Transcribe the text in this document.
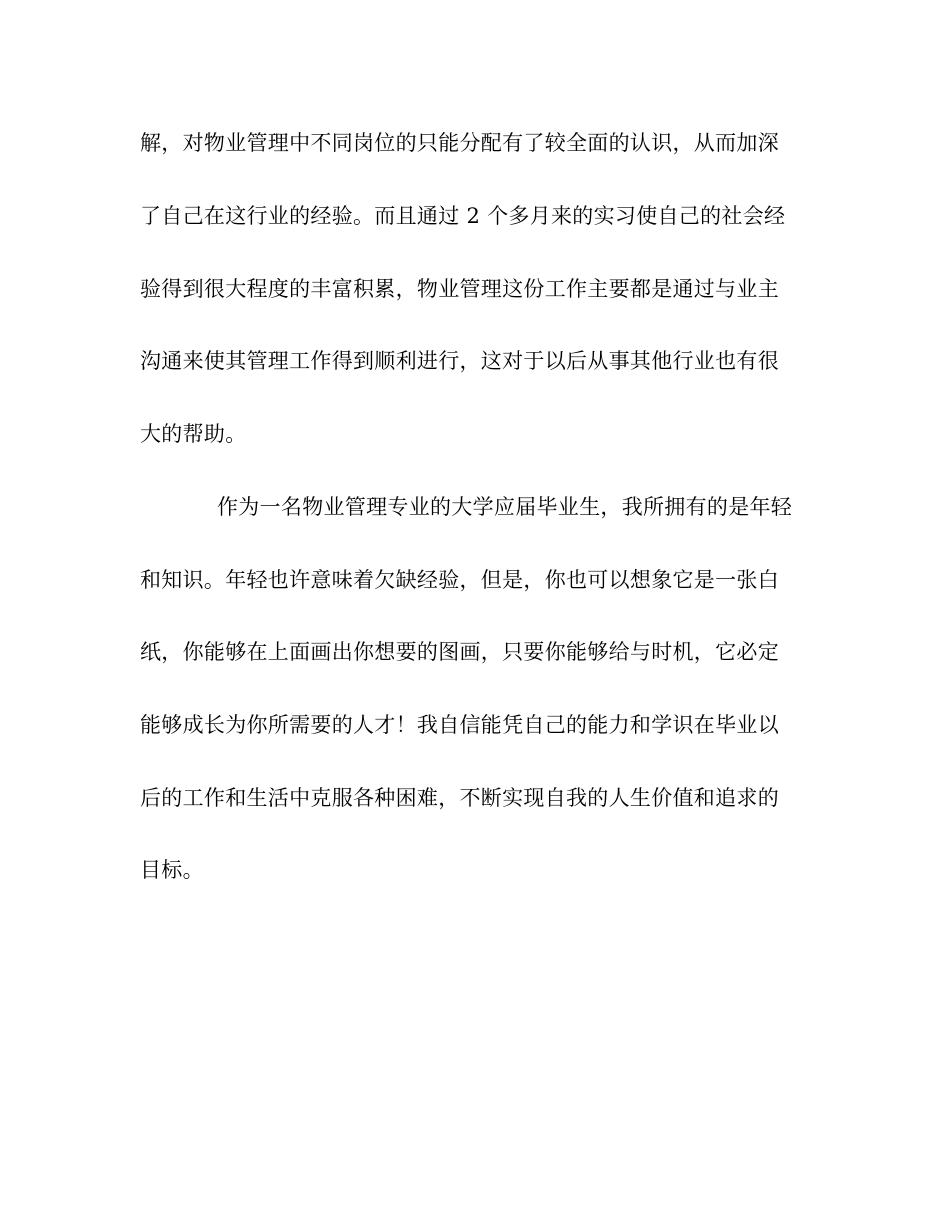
解，对物业管理中不同岗位的只能分配有了较全面的认识，从而加深
了自己在这行业的经验。而且通过 2 个多月来的实习使自己的社会经
验得到很大程度的丰富积累，物业管理这份工作主要都是通过与业主
沟通来使其管理工作得到顺利进行，这对于以后从事其他行业也有很
大的帮助。
作为一名物业管理专业的大学应届毕业生，我所拥有的是年轻
和知识。年轻也许意味着欠缺经验，但是，你也可以想象它是一张白
纸，你能够在上面画出你想要的图画，只要你能够给与时机，它必定
能够成长为你所需要的人才！我自信能凭自己的能力和学识在毕业以
后的工作和生活中克服各种困难，不断实现自我的人生价值和追求的
目标。
